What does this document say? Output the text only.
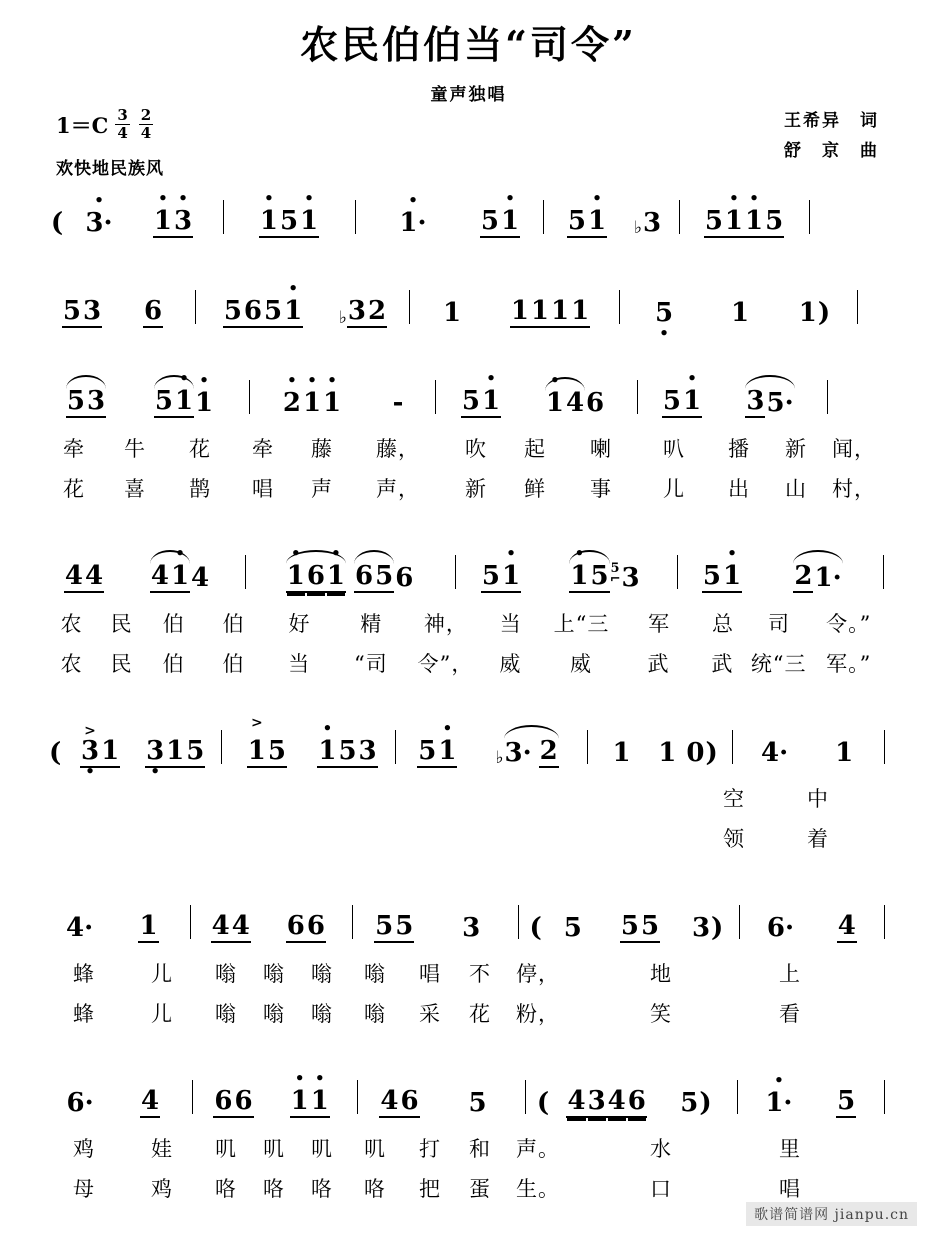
农民伯伯当“司令”
童声独唱
$1=C \frac{3}{4} \frac{2}{4}$
欢快地民族风
王希异　词
舒　京　曲
( • 3· • 1 • 3	• 1 5 • 1	• 1· 5 • 1 5 • 1 ♭ 3 5 • 1 • 1 5
5 3 6 5 6 5 • 1 ♭ 3 2 1 1 1 1 1	5 • 1 1 )
5 3 5 • 1 • 1	• 2 • 1 • 1 - 5 • 1 • 1 4 6 5 • 1 3 5·
牵	牛	花	牵	藤	藤，	吹	起	喇	叭	播	新	闻，
花	喜	鹊	唱	声	声，	新	鲜	事	儿	出	山	村，
4 4 4 • 1 4	• 1 6 • 1 6 5 6	5 • 1 • 1 5 5
⌐ 3 5 • 1 2 1·
农	民	伯	伯	好	精	神，	当	上“三	军	总	司	令。”
农	民	伯	伯	当	“司	令”，	威	威	武	武 统“三 军。”
( > 3 • 1 3 • 1 5 > 1 5 • 1 5 3 5 • 1 ♭ 3· 2 1 1 0 ) 4· 1
空	中
领	着
4· 1 4 4 6 6 5 5 3 ( 5 5 5 3 ) 6· 4
蜂	儿	嗡	嗡	嗡	嗡	唱	不	停，	地	上
蜂	儿	嗡	嗡	嗡	嗡	采	花	粉，	笑	看
6· 4 6 6 • 1 • 1 4 6 5 ( 4 3 4 6 5 ) • 1· 5
鸡	娃	叽	叽	叽	叽	打	和	声。	水	里
母	鸡	咯	咯	咯	咯	把	蛋	生。	口	唱
歌谱简谱网 jianpu.cn
